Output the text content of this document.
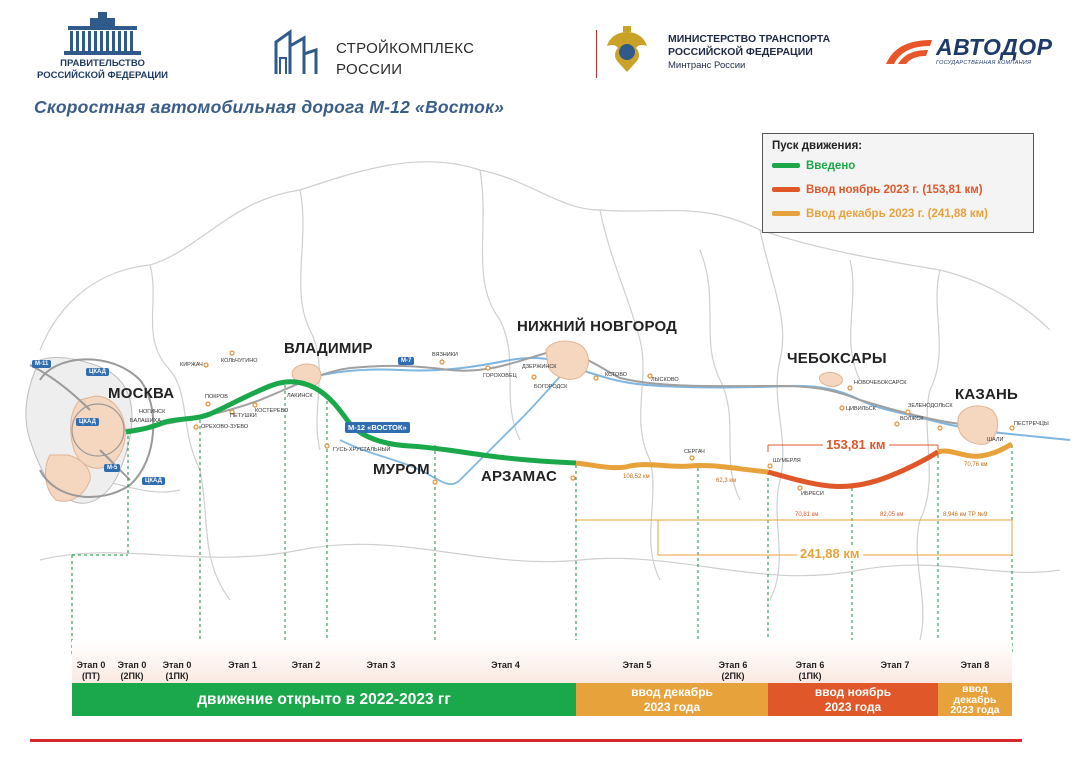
ПРАВИТЕЛЬСТВО
РОССИЙСКОЙ ФЕДЕРАЦИИ
СТРОЙКОМПЛЕКС
РОССИИ
МИНИСТЕРСТВО ТРАНСПОРТА
РОССИЙСКОЙ ФЕДЕРАЦИИ
Минтранс России
АВТОДОР
ГОСУДАРСТВЕННАЯ КОМПАНИЯ
Скоростная автомобильная дорога М-12 «Восток»
Пуск движения:
Введено
Ввод ноябрь 2023 г. (153,81 км)
Ввод декабрь 2023 г. (241,88 км)
МОСКВА
ВЛАДИМИР
НИЖНИЙ НОВГОРОД
ЧЕБОКСАРЫ
КАЗАНЬ
МУРОМ	АРЗАМАС
КИРЖАЧ
КОЛЬЧУГИНО
ПОКРОВ
ПЕТУШКИ
НОГИНСК
БАЛАШИХА
ОРЕХОВО-ЗУЕВО
КОСТЕРЕВО
ЛАКИНСК
ВЯЗНИКИ
ГОРОХОВЕЦ
ДЗЕРЖИНСК
БОГОРОДСК
КСТОВО
ЛЫСКОВО
ГУСЬ-ХРУСТАЛЬНЫЙ	СЕРГАЧ
ШУМЕРЛЯ
ИБРЕСИ
НОВОЧЕБОКСАРСК
ЦИВИЛЬСК	ЗЕЛЕНОДОЛЬСК
ВОЛЖСК
ШАЛИ
ПЕСТРЕЧЦЫ
М-12 «ВОСТОК»
М-11	М-7
М-5
ЦКАД
ЦКАД
ЦКАД
153,81 км
241,88 км
108,52 км
62,3 км
70,81 км	82,05 км
70,76 км
8,946 км ТР №9
Этап 0
(ПТ)
Этап 0
(2ПК)
Этап 0
(1ПК)
Этап 1	Этап 2	Этап 3	Этап 4	Этап 5	Этап 6
(2ПК)
Этап 6
(1ПК)
Этап 7	Этап 8
движение открыто в 2022-2023 гг	ввод декабрь
2023 года
ввод ноябрь
2023 года
ввод
декабрь
2023 года
